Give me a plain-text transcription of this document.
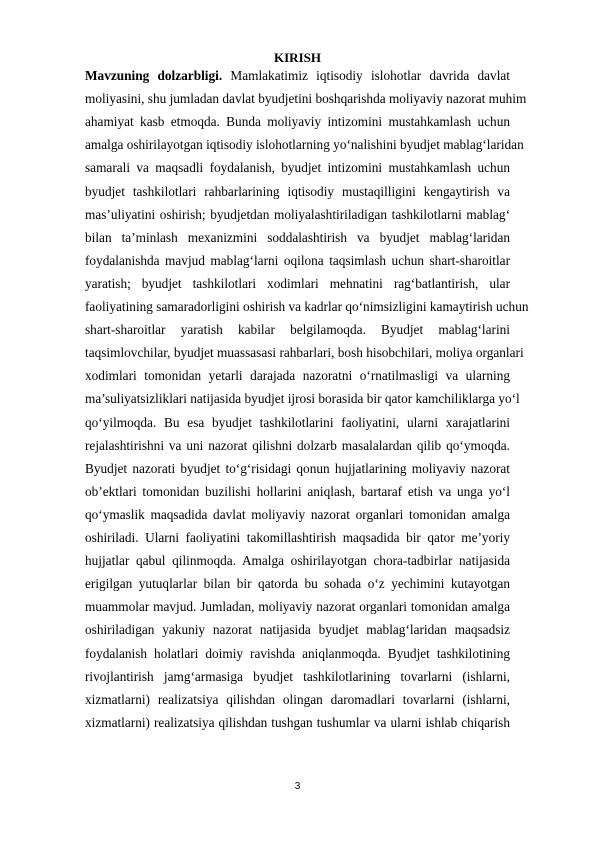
KIRISH
Mavzuning dolzarbligi. Mamlakatimiz iqtisodiy islohotlar davrida davlat
moliyasini, shu jumladan davlat byudjetini boshqarishda moliyaviy nazorat muhim
ahamiyat kasb etmoqda. Bunda moliyaviy intizomini mustahkamlash uchun
amalga oshirilayotgan iqtisodiy islohotlarning yo‘nalishini byudjet mablag‘laridan
samarali va maqsadli foydalanish, byudjet intizomini mustahkamlash uchun
byudjet tashkilotlari rahbarlarining iqtisodiy mustaqilligini kengaytirish va
mas’uliyatini oshirish; byudjetdan moliyalashtiriladigan tashkilotlarni mablag‘
bilan ta’minlash mexanizmini soddalashtirish va byudjet mablag‘laridan
foydalanishda mavjud mablag‘larni oqilona taqsimlash uchun shart-sharoitlar
yaratish; byudjet tashkilotlari xodimlari mehnatini rag‘batlantirish, ular
faoliyatining samaradorligini oshirish va kadrlar qo‘nimsizligini kamaytirish uchun
shart-sharoitlar yaratish kabilar belgilamoqda. Byudjet mablag‘larini
taqsimlovchilar, byudjet muassasasi rahbarlari, bosh hisobchilari, moliya organlari
xodimlari tomonidan yetarli darajada nazoratni o‘rnatilmasligi va ularning
ma’suliyatsizliklari natijasida byudjet ijrosi borasida bir qator kamchiliklarga yo‘l
qo‘yilmoqda. Bu esa byudjet tashkilotlarini faoliyatini, ularni xarajatlarini
rejalashtirishni va uni nazorat qilishni dolzarb masalalardan qilib qo‘ymoqda.
Byudjet nazorati byudjet to‘g‘risidagi qonun hujjatlarining moliyaviy nazorat
ob’ektlari tomonidan buzilishi hollarini aniqlash, bartaraf etish va unga yo‘l
qo‘ymaslik maqsadida davlat moliyaviy nazorat organlari tomonidan amalga
oshiriladi. Ularni faoliyatini takomillashtirish maqsadida bir qator me’yoriy
hujjatlar qabul qilinmoqda. Amalga oshirilayotgan chora-tadbirlar natijasida
erigilgan yutuqlarlar bilan bir qatorda bu sohada o‘z yechimini kutayotgan
muammolar mavjud. Jumladan, moliyaviy nazorat organlari tomonidan amalga
oshiriladigan yakuniy nazorat natijasida byudjet mablag‘laridan maqsadsiz
foydalanish holatlari doimiy ravishda aniqlanmoqda. Byudjet tashkilotining
rivojlantirish jamg‘armasiga byudjet tashkilotlarining tovarlarni (ishlarni,
xizmatlarni) realizatsiya qilishdan olingan daromadlari tovarlarni (ishlarni,
xizmatlarni) realizatsiya qilishdan tushgan tushumlar va ularni ishlab chiqarish
3
